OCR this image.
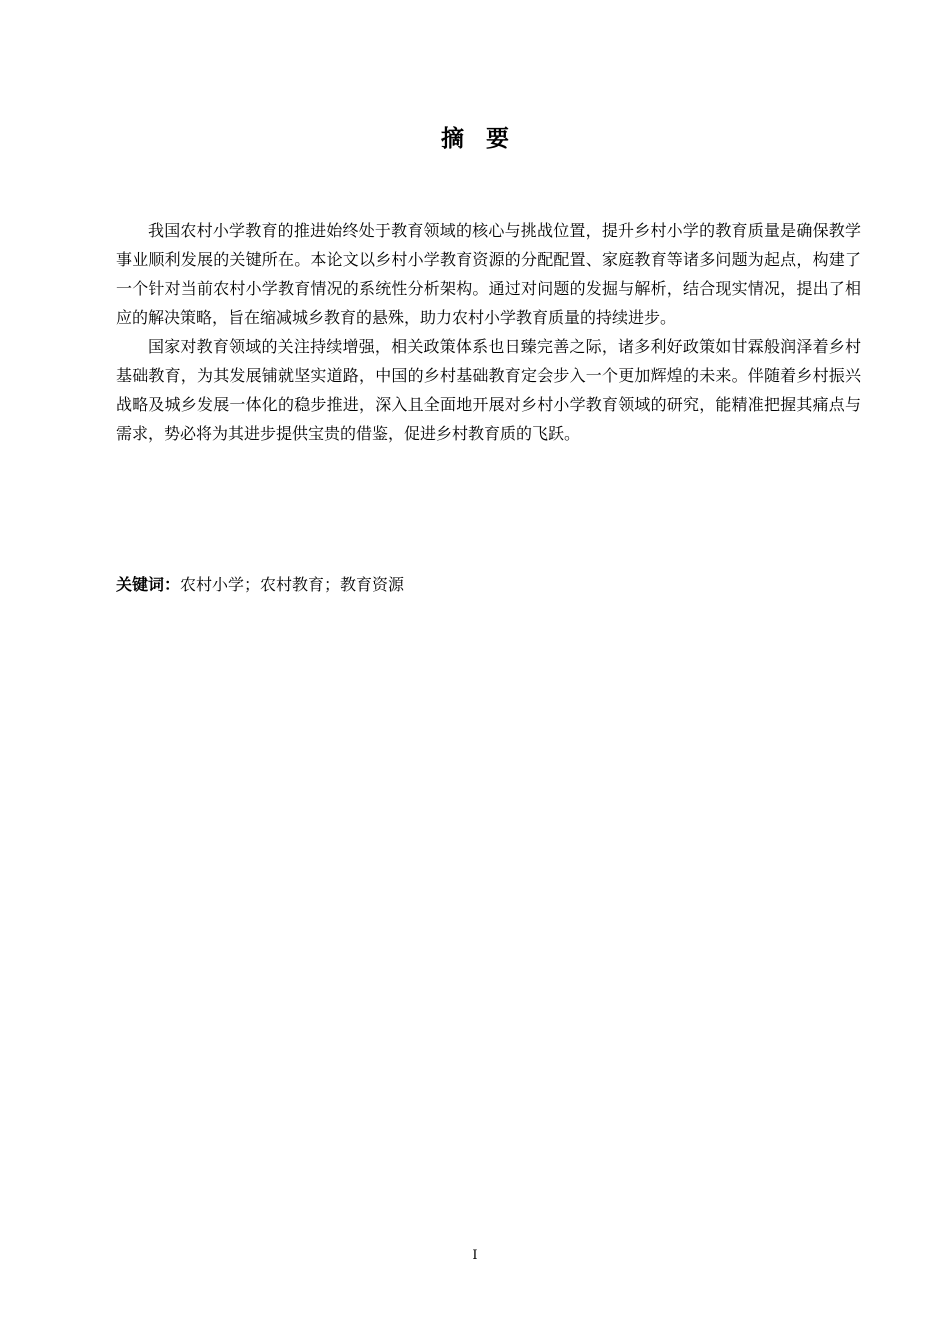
摘要

我国农村小学教育的推进始终处于教育领域的核心与挑战位置，提升乡村小学的教育质量是确保教学事业顺利发展的关键所在。本论文以乡村小学教育资源的分配配置、家庭教育等诸多问题为起点，构建了一个针对当前农村小学教育情况的系统性分析架构。通过对问题的发掘与解析，结合现实情况，提出了相应的解决策略，旨在缩减城乡教育的悬殊，助力农村小学教育质量的持续进步。

国家对教育领域的关注持续增强，相关政策体系也日臻完善之际，诸多利好政策如甘霖般润泽着乡村基础教育，为其发展铺就坚实道路，中国的乡村基础教育定会步入一个更加辉煌的未来。伴随着乡村振兴战略及城乡发展一体化的稳步推进，深入且全面地开展对乡村小学教育领域的研究，能精准把握其痛点与需求，势必将为其进步提供宝贵的借鉴，促进乡村教育质的飞跃。

关键词：农村小学；农村教育；教育资源

I
